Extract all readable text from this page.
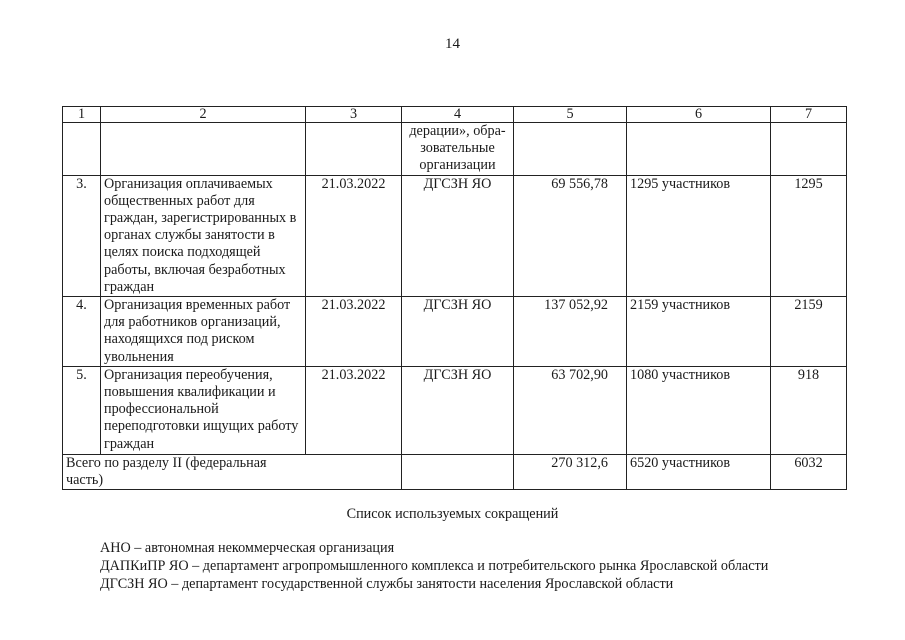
14
1	2	3	4	5	6	7
			дерации», обра-
зовательные
организации			
3.	Организация оплачиваемых общественных работ для граждан, зарегистрированных в органах службы занятости в целях поиска подходящей работы, включая безработных граждан	21.03.2022	ДГСЗН ЯО	69 556,78	1295 участников	1295
4.	Организация временных работ для работников организаций, находящихся под риском увольнения	21.03.2022	ДГСЗН ЯО	137 052,92	2159 участников	2159
5.	Организация переобучения, повышения квалификации и профессиональной переподготовки ищущих работу граждан	21.03.2022	ДГСЗН ЯО	63 702,90	1080 участников	918
Всего по разделу II (федеральная часть)				270 312,6	6520 участников	6032
Список используемых сокращений
АНО – автономная некоммерческая организация
ДАПКиПР ЯО – департамент агропромышленного комплекса и потребительского рынка Ярославской области
ДГСЗН ЯО – департамент государственной службы занятости населения Ярославской области
